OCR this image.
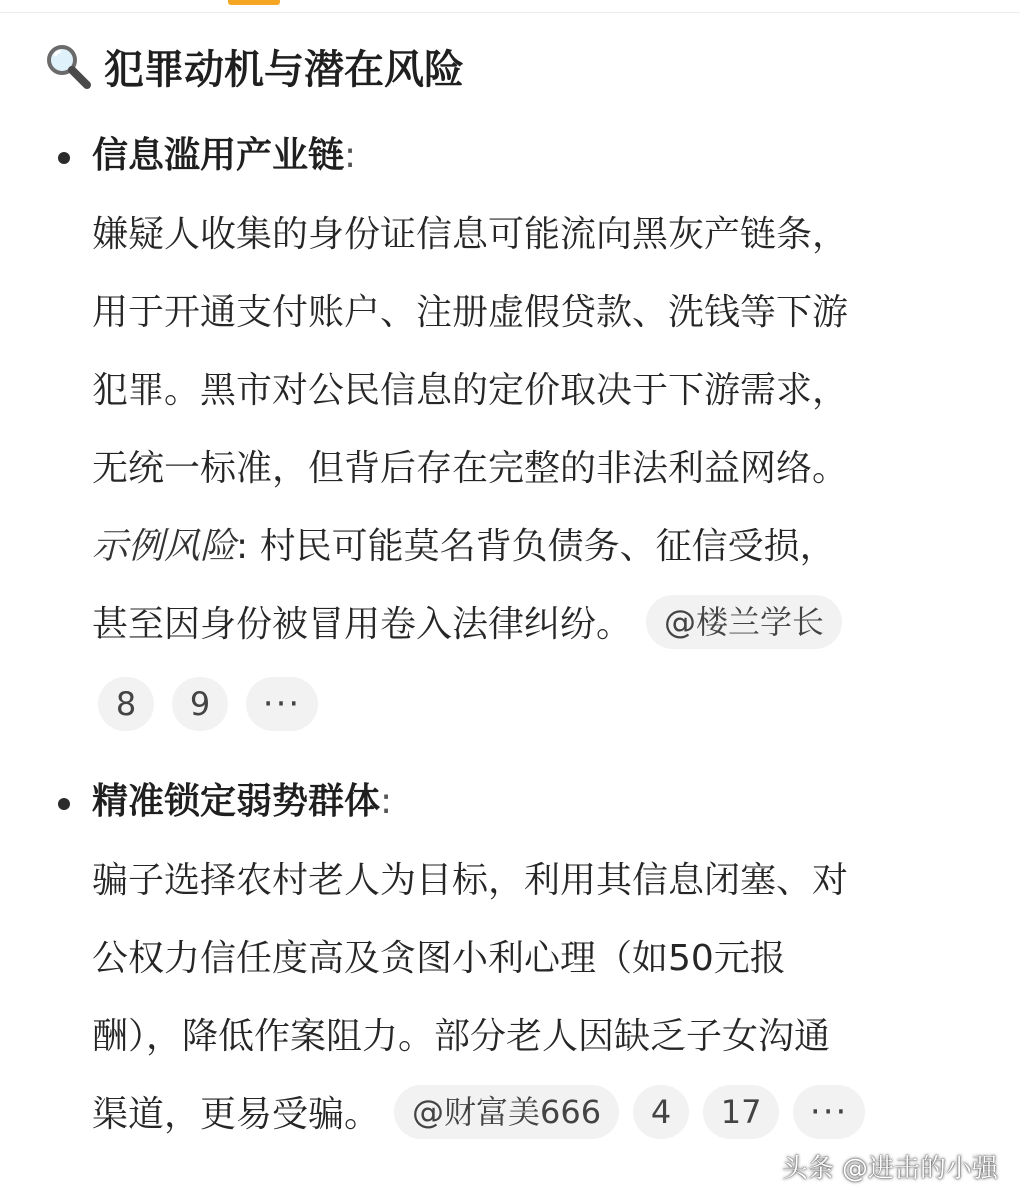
犯罪动机与潜在风险
信息滥用产业链:
嫌疑人收集的身份证信息可能流向黑灰产链条，
用于开通支付账户、注册虚假贷款、洗钱等下游
犯罪。黑市对公民信息的定价取决于下游需求，
无统一标准，但背后存在完整的非法利益网络。
示例风险: 村民可能莫名背负债务、征信受损，
甚至因身份被冒用卷入法律纠纷。 @楼兰学长
8	9	···
精准锁定弱势群体:
骗子选择农村老人为目标，利用其信息闭塞、对
公权力信任度高及贪图小利心理（如50元报
酬），降低作案阻力。部分老人因缺乏子女沟通
渠道，更易受骗。 @财富美666 4 17 ···
头条 @进击的小强
